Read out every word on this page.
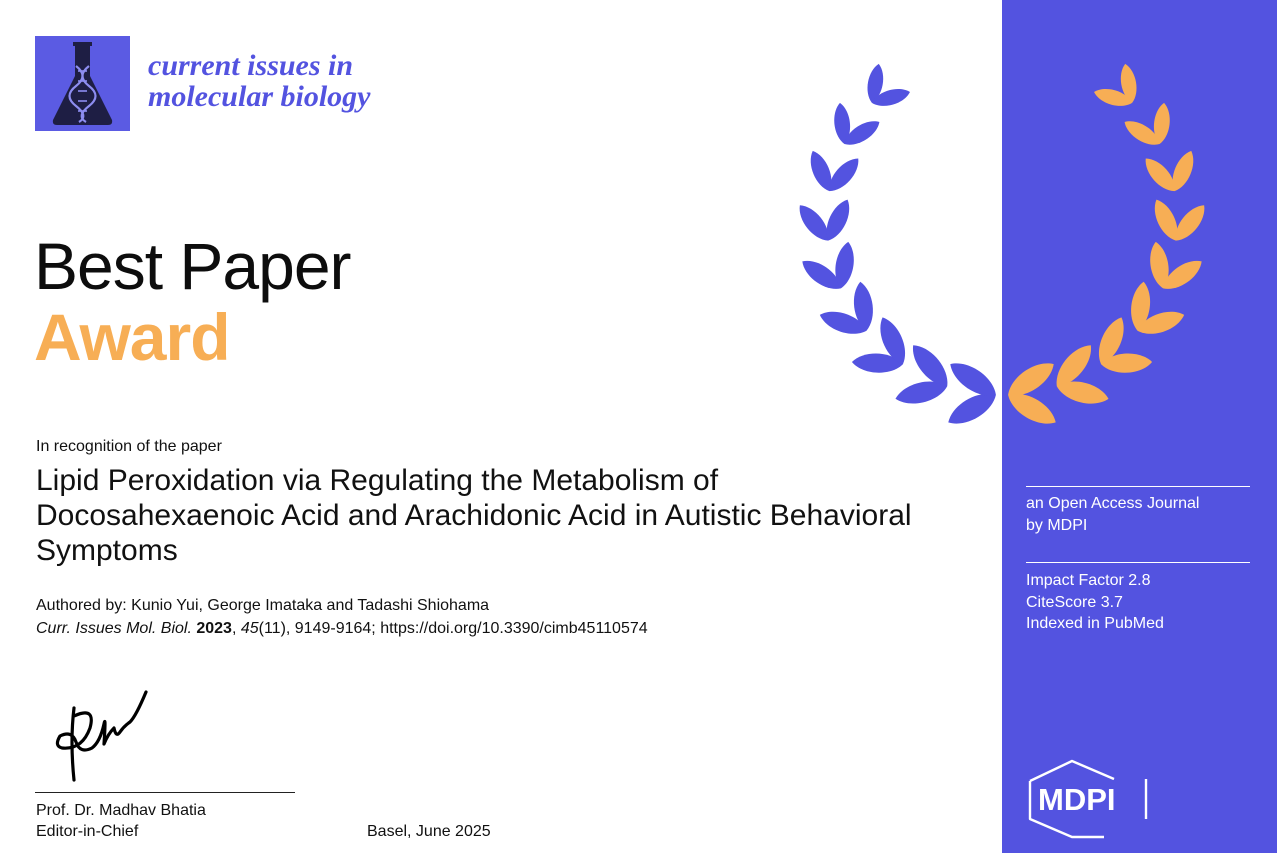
current issues in
molecular biology
Best Paper
Award
In recognition of the paper
Lipid Peroxidation via Regulating the Metabolism of Docosahexaenoic Acid and Arachidonic Acid in Autistic Behavioral Symptoms
Authored by: Kunio Yui, George Imataka and Tadashi Shiohama
Curr. Issues Mol. Biol. 2023, 45(11), 9149-9164; https://doi.org/10.3390/cimb45110574
Prof. Dr. Madhav Bhatia
Editor-in-Chief	Basel, June 2025
an Open Access Journal
by MDPI
Impact Factor 2.8
CiteScore 3.7
Indexed in PubMed
MDPI
